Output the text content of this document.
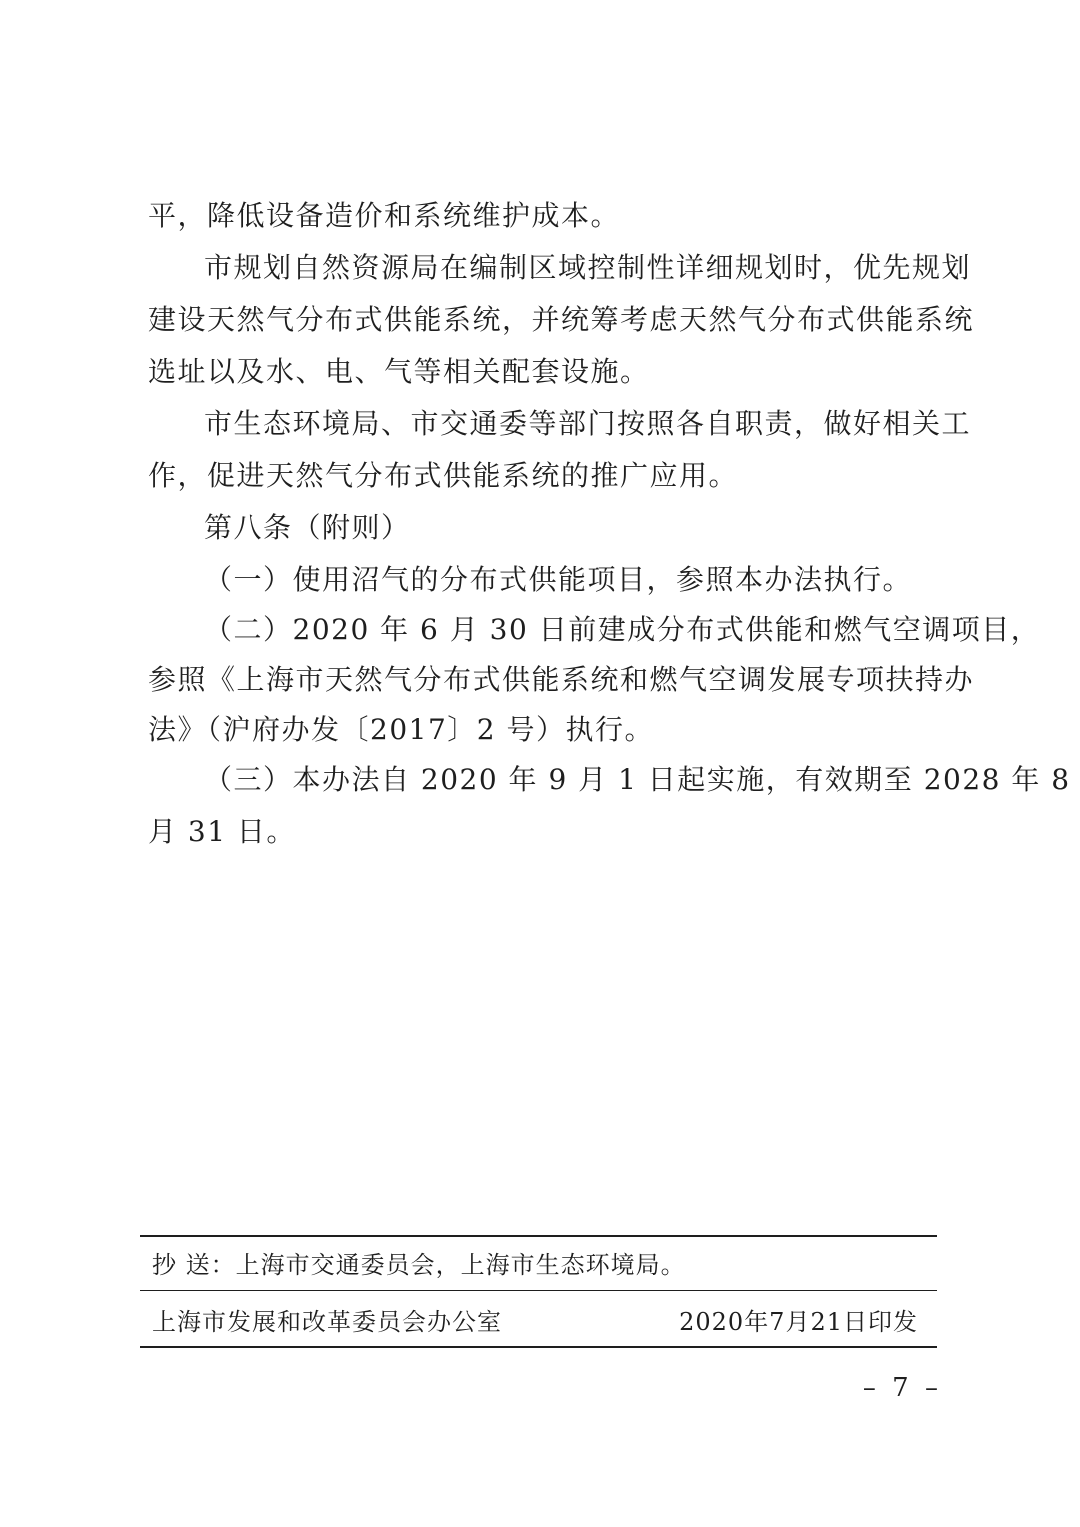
平，降低设备造价和系统维护成本。
市规划自然资源局在编制区域控制性详细规划时，优先规划
建设天然气分布式供能系统，并统筹考虑天然气分布式供能系统
选址以及水、电、气等相关配套设施。
市生态环境局、市交通委等部门按照各自职责，做好相关工
作，促进天然气分布式供能系统的推广应用。
第八条（附则）
（一）使用沼气的分布式供能项目，参照本办法执行。
（二）2020 年 6 月 30 日前建成分布式供能和燃气空调项目，
参照《上海市天然气分布式供能系统和燃气空调发展专项扶持办
法》（沪府办发〔2017〕2 号）执行。
（三）本办法自 2020 年 9 月 1 日起实施，有效期至 2028 年 8
月 31 日。
抄 送：上海市交通委员会，上海市生态环境局。
上海市发展和改革委员会办公室	2020年7月21日印发
– 7 –
